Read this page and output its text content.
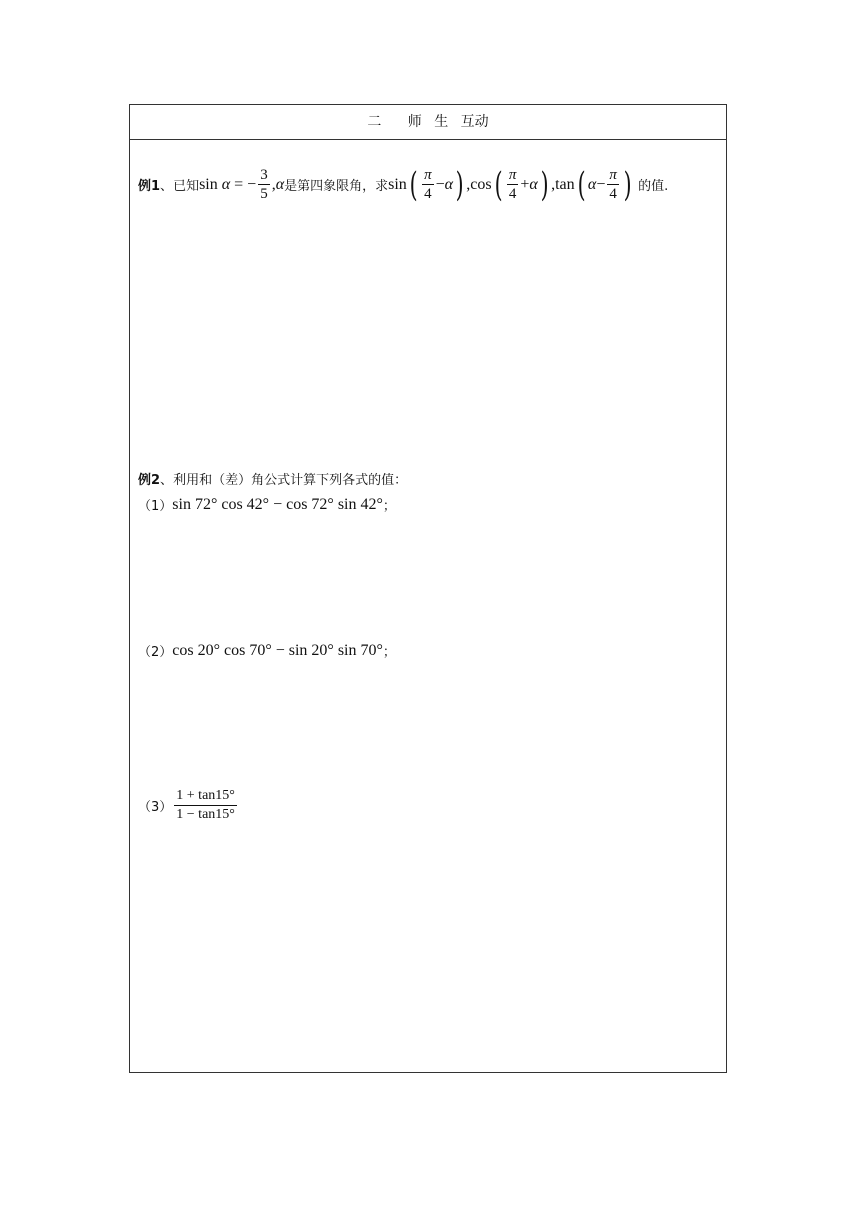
二 师 生 互动
例1 、 已知 sin α = − $\frac{3}{5}$ , α 是第四象限角，求 sin ( $\frac{\pi}{4} - \alpha$ ) , cos ( $\frac{\pi}{4} + \alpha$ ) , tan ( $\alpha - \frac{\pi}{4}$ ) 的值.
例2 、 利用和（差）角公式计算下列各式的值：
（1） sin 72° cos 42° − cos 72° sin 42° ；
（2） cos 20° cos 70° − sin 20° sin 70° ；
$(3) \frac{1 + \tan 15^\circ}{1 - \tan 15^\circ}$
